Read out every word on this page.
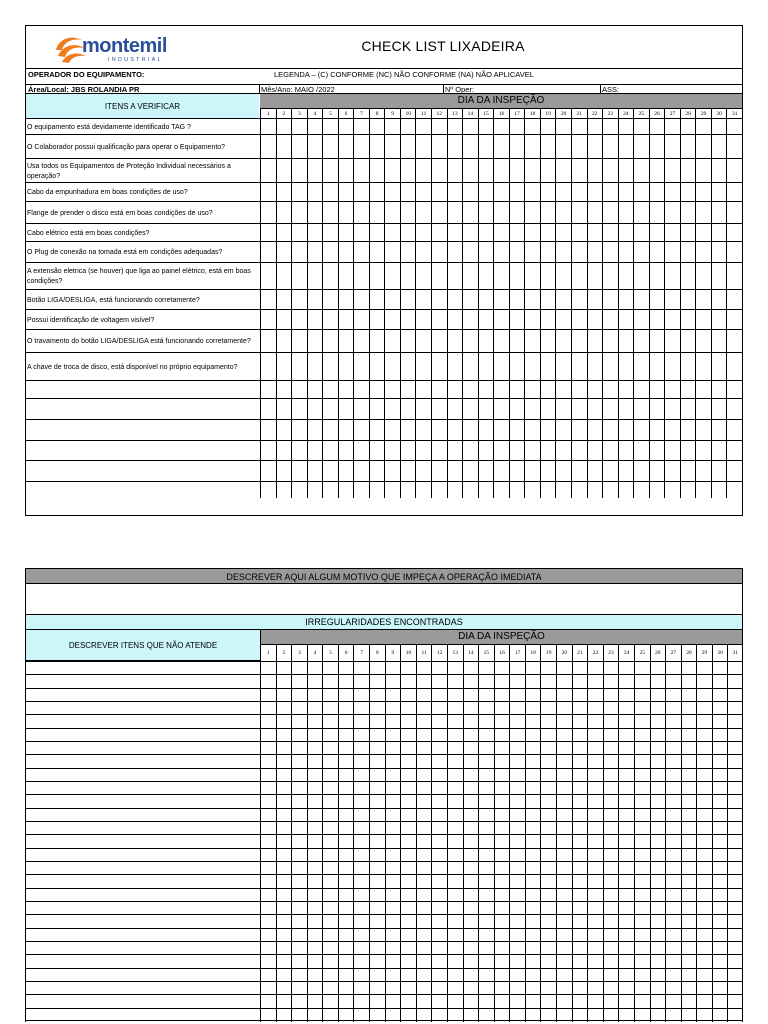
montemil
INDUSTRIAL
CHECK LIST LIXADEIRA
OPERADOR DO EQUIPAMENTO:	LEGENDA – (C) CONFORME (NC) NÃO CONFORME (NA) NÃO APLICAVEL
Área/Local: JBS ROLANDIA PR	Mês/Ano: MAIO /2022	Nº Oper:	ASS:
ITENS A VERIFICAR
DIA DA INSPEÇÃO
1	2	3	4	5	6	7	8	9	10	11	12	13	14	15	16	17	18	19	20	21	22	23	24	25	26	27	28	29	30	31
O equipamento está devidamente identificado TAG ?
O Colaborador possui qualificação para operar o Equipamento?
Usa todos os Equipamentos de Proteção Individual necessários a operação?
Cabo da empunhadura em boas condições de uso?
Flange de prender o disco está em boas condições de uso?
Cabo elétrico está em boas condições?
O Plug de conexão na tomada está em condições adequadas?
A extensão eletrica (se houver) que liga ao painel elétrico, está em boas condições?
Botão LIGA/DESLIGA, está funcionando corretamente?
Possui identificação de voltagem visível?
O travamento do botão LIGA/DESLIGA está funcionando corretamente?
A chave de troca de disco, está disponível no próprio equipamento?
DESCREVER AQUI ALGUM MOTIVO QUE IMPEÇA A OPERAÇÃO IMEDIATA
IRREGULARIDADES ENCONTRADAS
DESCREVER ITENS QUE NÃO ATENDE
DIA DA INSPEÇÃO
1	2	3	4	5	6	7	8	9	10	11	12	13	14	15	16	17	18	19	20	21	22	23	24	25	26	27	28	29	30	31
